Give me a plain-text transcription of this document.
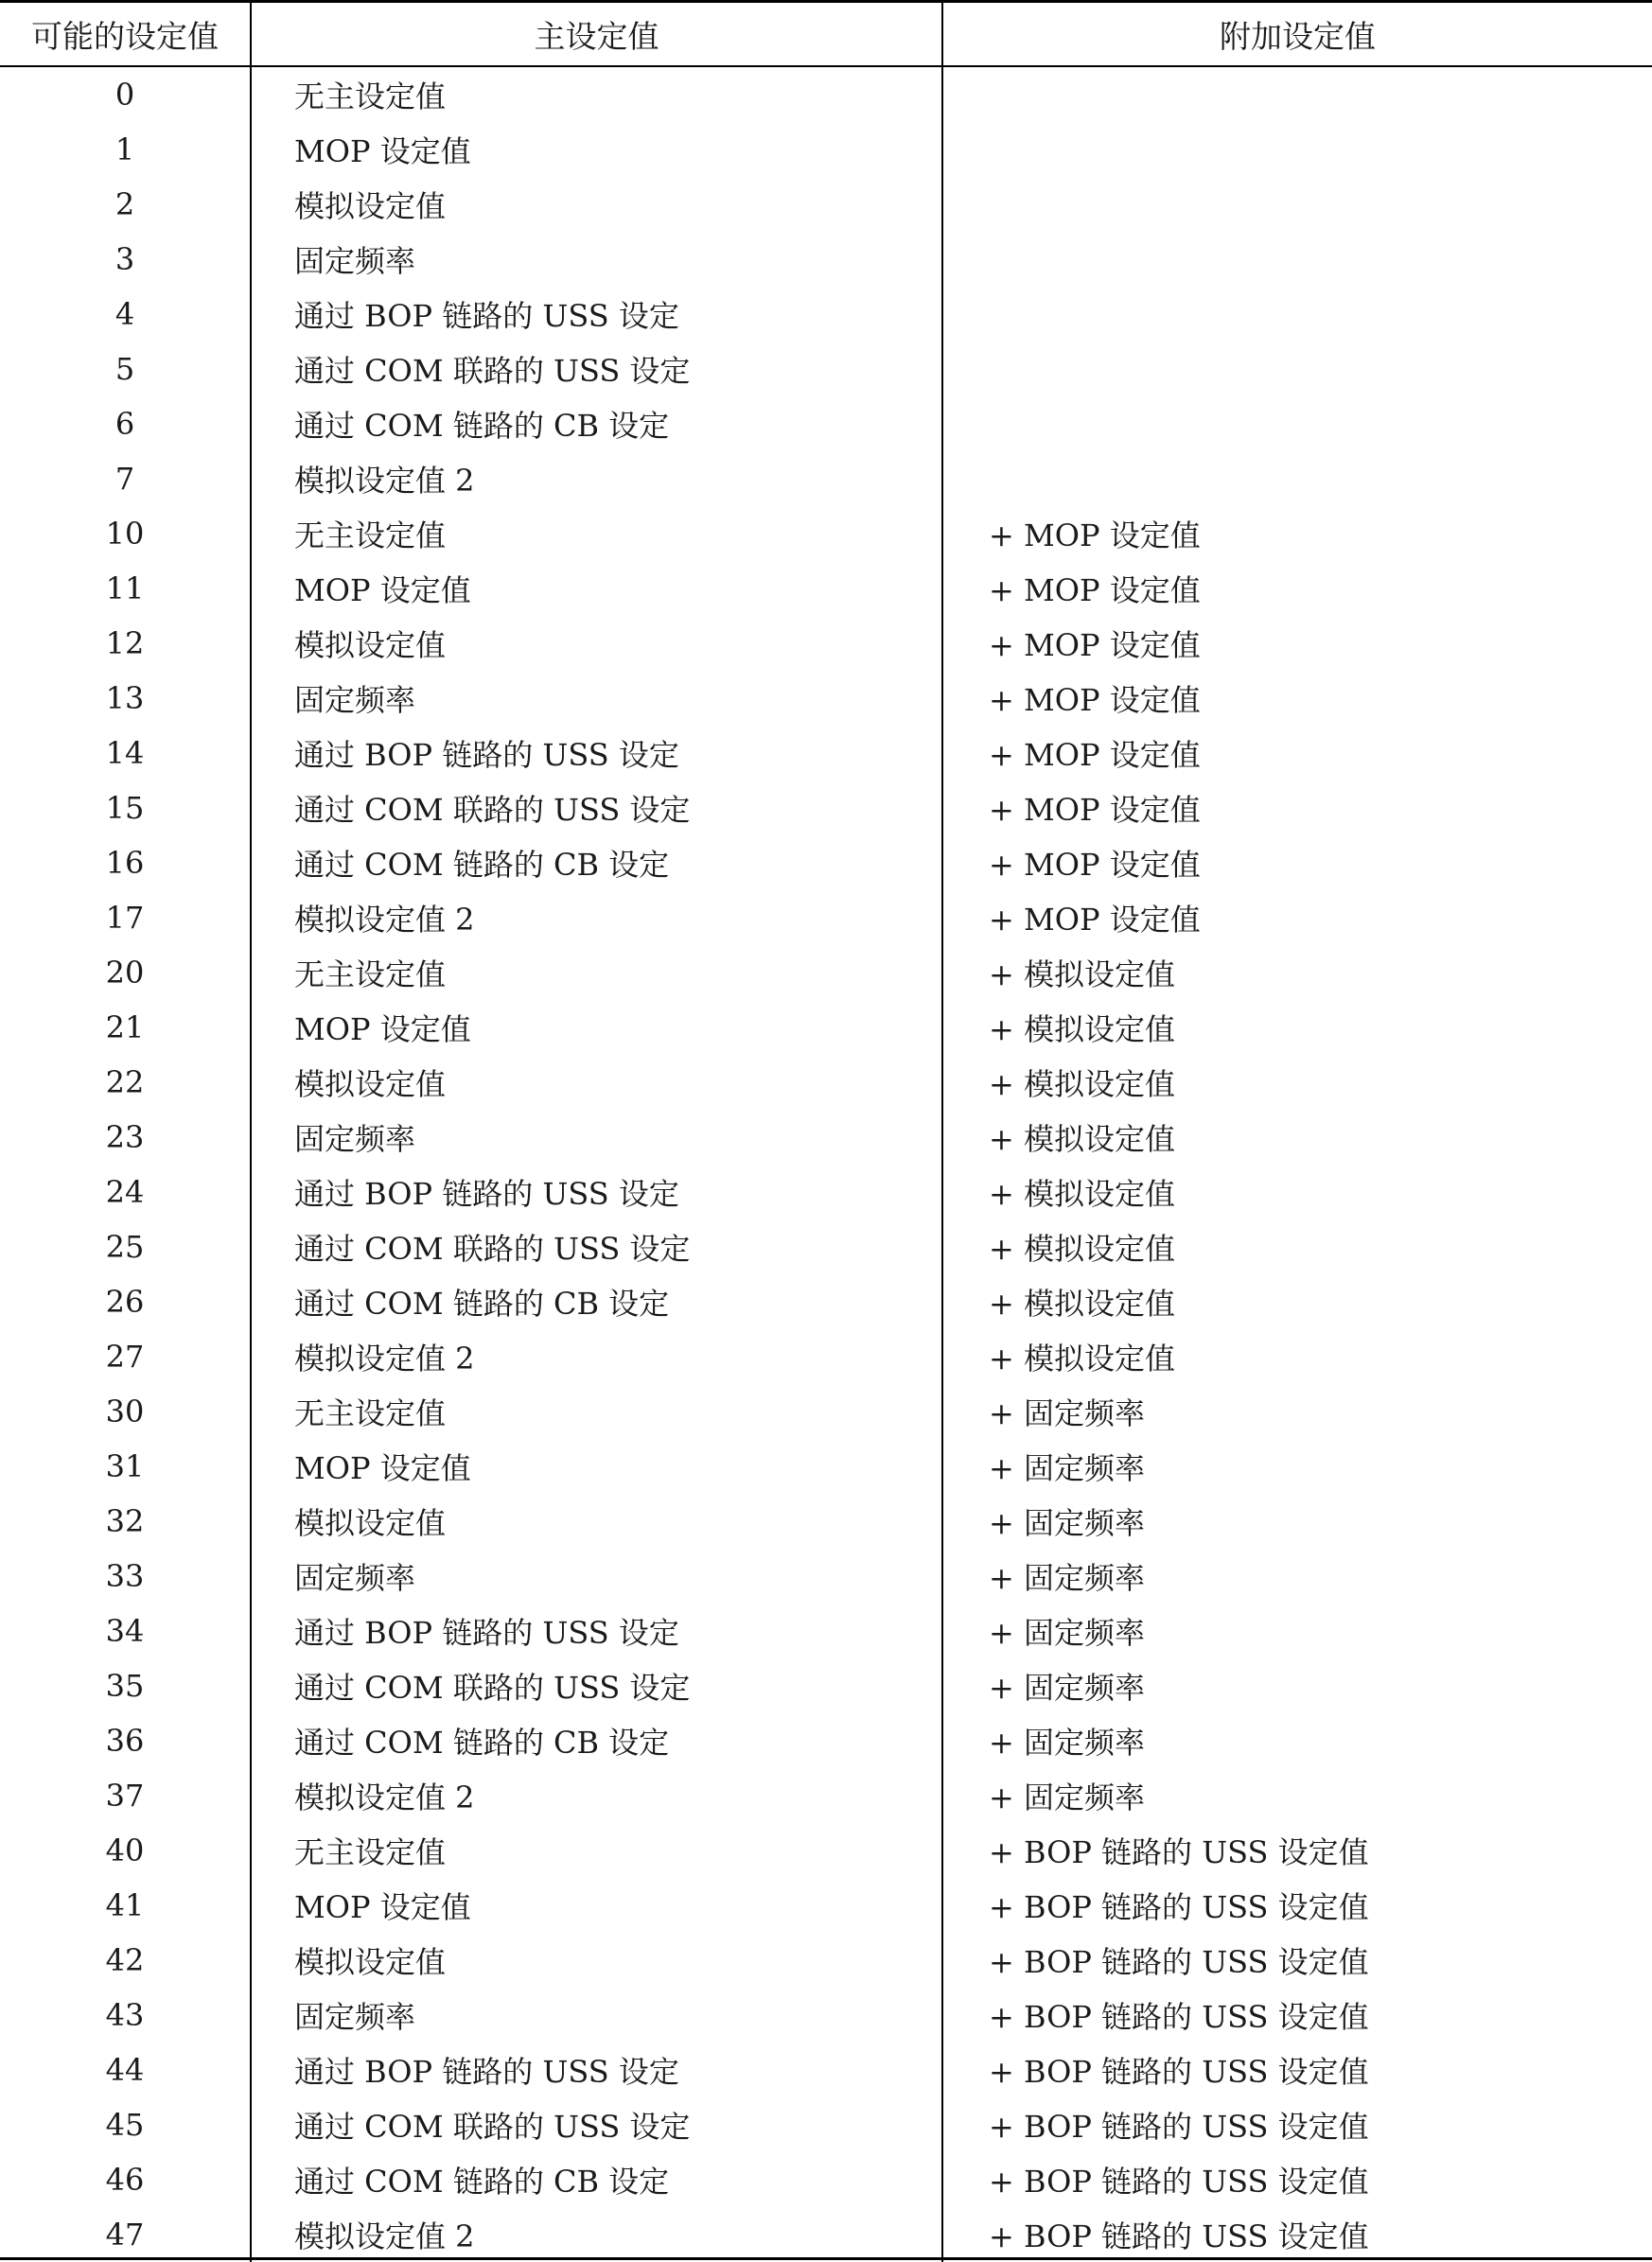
可能的设定值	主设定值	附加设定值
0	无主设定值	
1	MOP 设定值	
2	模拟设定值	
3	固定频率	
4	通过 BOP 链路的 USS 设定	
5	通过 COM 联路的 USS 设定	
6	通过 COM 链路的 CB 设定	
7	模拟设定值 2	
10	无主设定值	+ MOP 设定值
11	MOP 设定值	+ MOP 设定值
12	模拟设定值	+ MOP 设定值
13	固定频率	+ MOP 设定值
14	通过 BOP 链路的 USS 设定	+ MOP 设定值
15	通过 COM 联路的 USS 设定	+ MOP 设定值
16	通过 COM 链路的 CB 设定	+ MOP 设定值
17	模拟设定值 2	+ MOP 设定值
20	无主设定值	+ 模拟设定值
21	MOP 设定值	+ 模拟设定值
22	模拟设定值	+ 模拟设定值
23	固定频率	+ 模拟设定值
24	通过 BOP 链路的 USS 设定	+ 模拟设定值
25	通过 COM 联路的 USS 设定	+ 模拟设定值
26	通过 COM 链路的 CB 设定	+ 模拟设定值
27	模拟设定值 2	+ 模拟设定值
30	无主设定值	+ 固定频率
31	MOP 设定值	+ 固定频率
32	模拟设定值	+ 固定频率
33	固定频率	+ 固定频率
34	通过 BOP 链路的 USS 设定	+ 固定频率
35	通过 COM 联路的 USS 设定	+ 固定频率
36	通过 COM 链路的 CB 设定	+ 固定频率
37	模拟设定值 2	+ 固定频率
40	无主设定值	+ BOP 链路的 USS 设定值
41	MOP 设定值	+ BOP 链路的 USS 设定值
42	模拟设定值	+ BOP 链路的 USS 设定值
43	固定频率	+ BOP 链路的 USS 设定值
44	通过 BOP 链路的 USS 设定	+ BOP 链路的 USS 设定值
45	通过 COM 联路的 USS 设定	+ BOP 链路的 USS 设定值
46	通过 COM 链路的 CB 设定	+ BOP 链路的 USS 设定值
47	模拟设定值 2	+ BOP 链路的 USS 设定值
